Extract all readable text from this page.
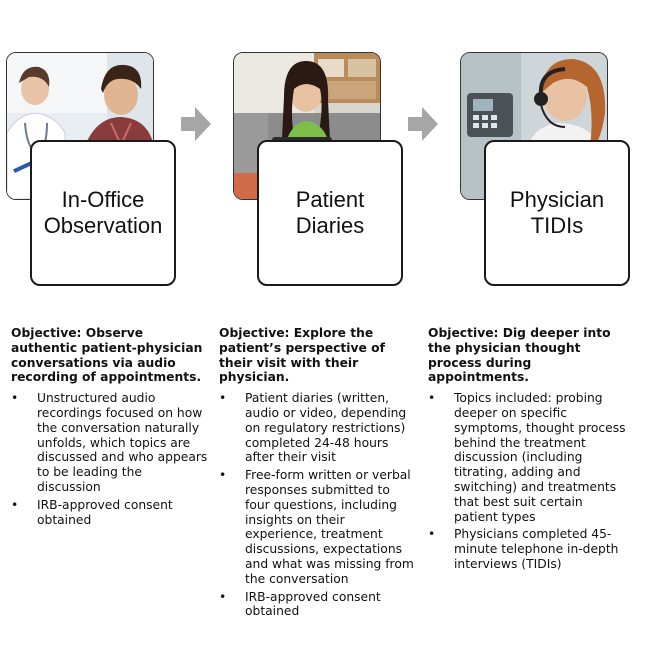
In-Office
Observation
Patient
Diaries
Physician
TIDIs

Objective: Observe authentic patient-physician conversations via audio recording of appointments.

• Unstructured audio recordings focused on how the conversation naturally unfolds, which topics are discussed and who appears to be leading the discussion
• IRB-approved consent obtained

Objective: Explore the patient’s perspective of their visit with their physician.

• Patient diaries (written, audio or video, depending on regulatory restrictions) completed 24-48 hours after their visit
• Free-form written or verbal responses submitted to four questions, including insights on their experience, treatment discussions, expectations and what was missing from the conversation
• IRB-approved consent obtained

Objective: Dig deeper into the physician thought process during appointments.

• Topics included: probing deeper on specific symptoms, thought process behind the treatment discussion (including titrating, adding and switching) and treatments that best suit certain patient types
• Physicians completed 45-minute telephone in-depth interviews (TIDIs)
